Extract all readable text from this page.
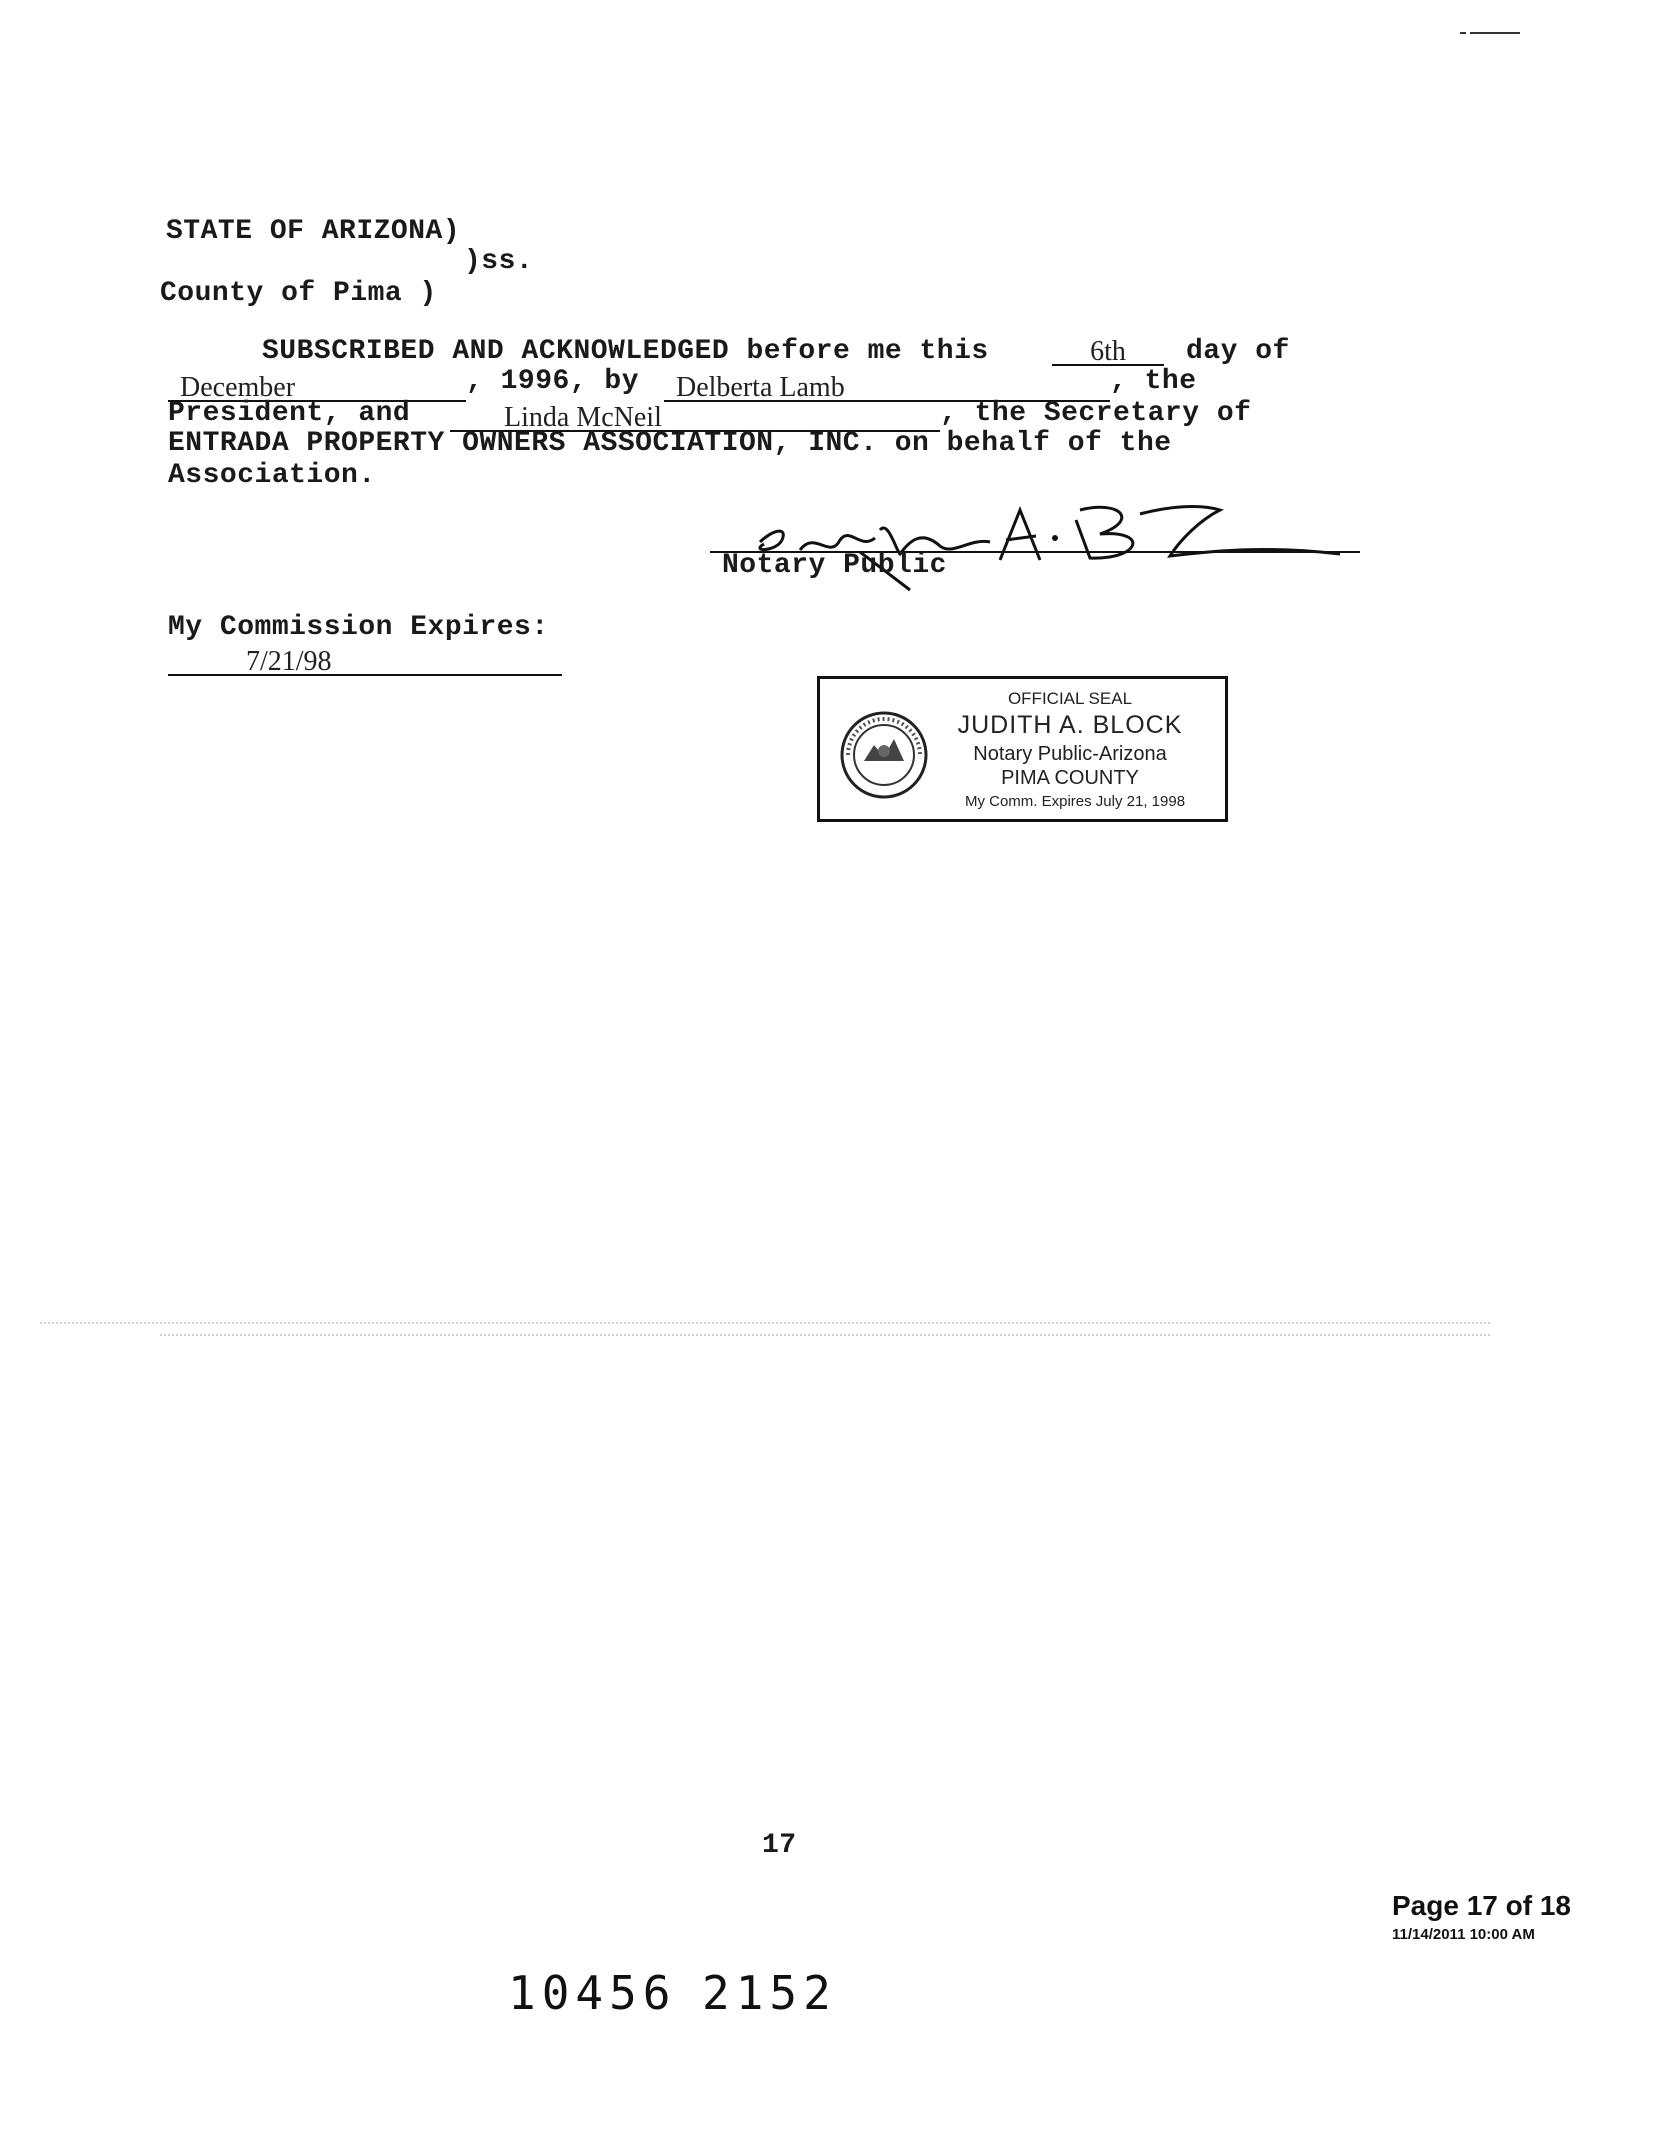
STATE OF ARIZONA)
)ss.
County of Pima )
SUBSCRIBED AND ACKNOWLEDGED before me this	6th	day of
December	, 1996, by	Delberta Lamb	, the
President, and	Linda McNeil	, the Secretary of
ENTRADA PROPERTY OWNERS ASSOCIATION, INC. on behalf of the
Association.
Notary Public
My Commission Expires:
7/21/98
OFFICIAL SEAL
JUDITH A. BLOCK
Notary Public-Arizona
PIMA COUNTY
My Comm. Expires July 21, 1998
17
Page 17 of 18
11/14/2011 10:00 AM
10456 2152
